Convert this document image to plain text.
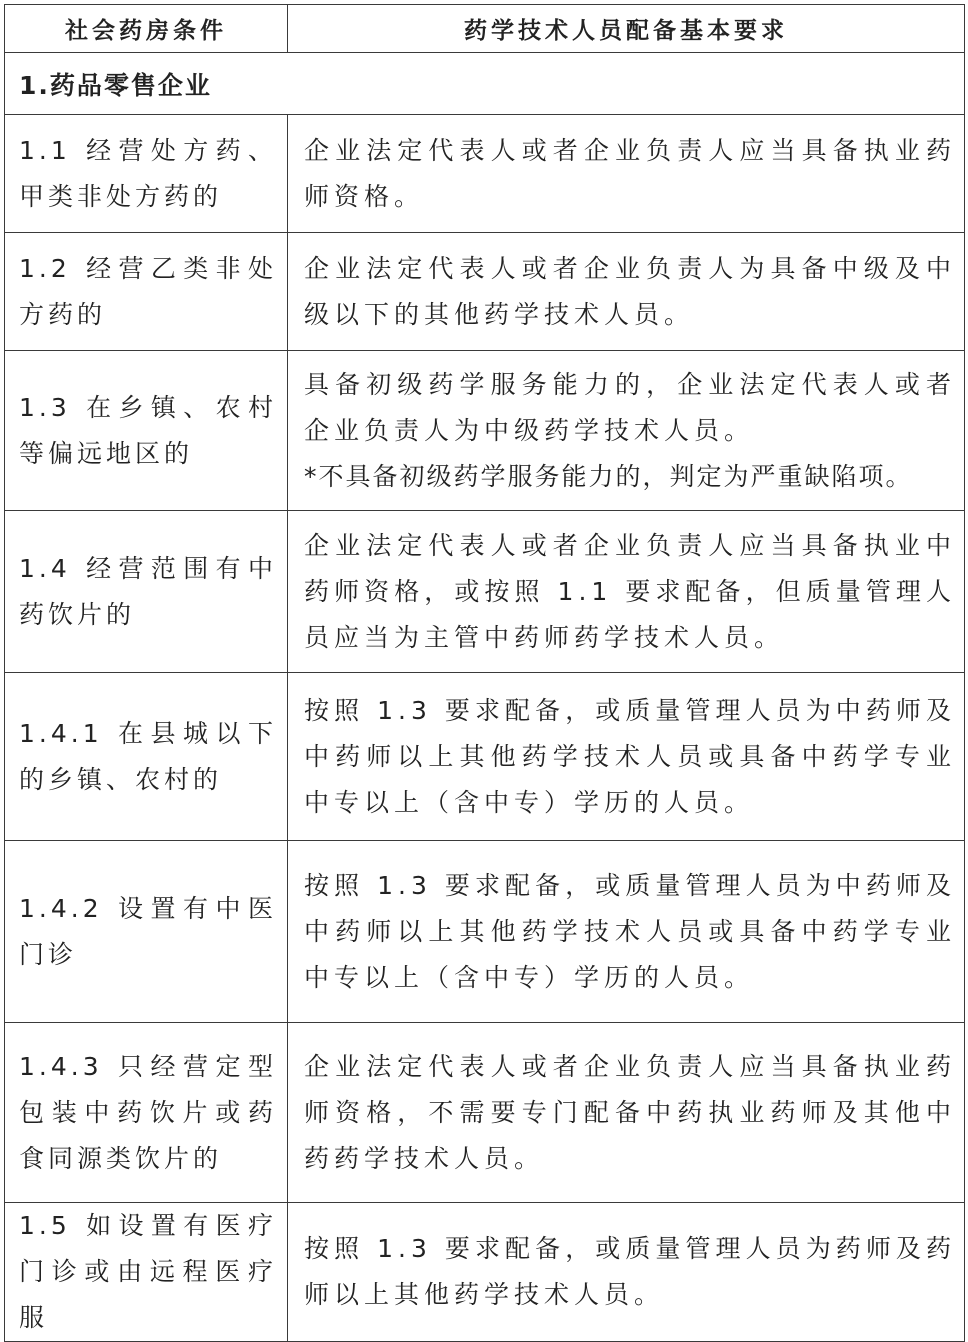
社会药房条件	药学技术人员配备基本要求
1.药品零售企业	

1.1 经营处方药、甲类非处方药的	企业法定代表人或者企业负责人应当具备执业药师资格。

1.2 经营乙类非处方药的	企业法定代表人或者企业负责人为具备中级及中级以下的其他药学技术人员。

1.3 在乡镇、农村等偏远地区的	具备初级药学服务能力的，企业法定代表人或者企业负责人为中级药学技术人员。
*不具备初级药学服务能力的，判定为严重缺陷项。

1.4 经营范围有中药饮片的	企业法定代表人或者企业负责人应当具备执业中药师资格，或按照 1.1 要求配备，但质量管理人员应当为主管中药师药学技术人员。

1.4.1 在县城以下的乡镇、农村的	按照 1.3 要求配备，或质量管理人员为中药师及中药师以上其他药学技术人员或具备中药学专业中专以上（含中专）学历的人员。

1.4.2 设置有中医门诊	按照 1.3 要求配备，或质量管理人员为中药师及中药师以上其他药学技术人员或具备中药学专业中专以上（含中专）学历的人员。

1.4.3 只经营定型包装中药饮片或药食同源类饮片的	企业法定代表人或者企业负责人应当具备执业药师资格，不需要专门配备中药执业药师及其他中药药学技术人员。

1.5 如设置有医疗门诊或由远程医疗服	按照 1.3 要求配备，或质量管理人员为药师及药师以上其他药学技术人员。
